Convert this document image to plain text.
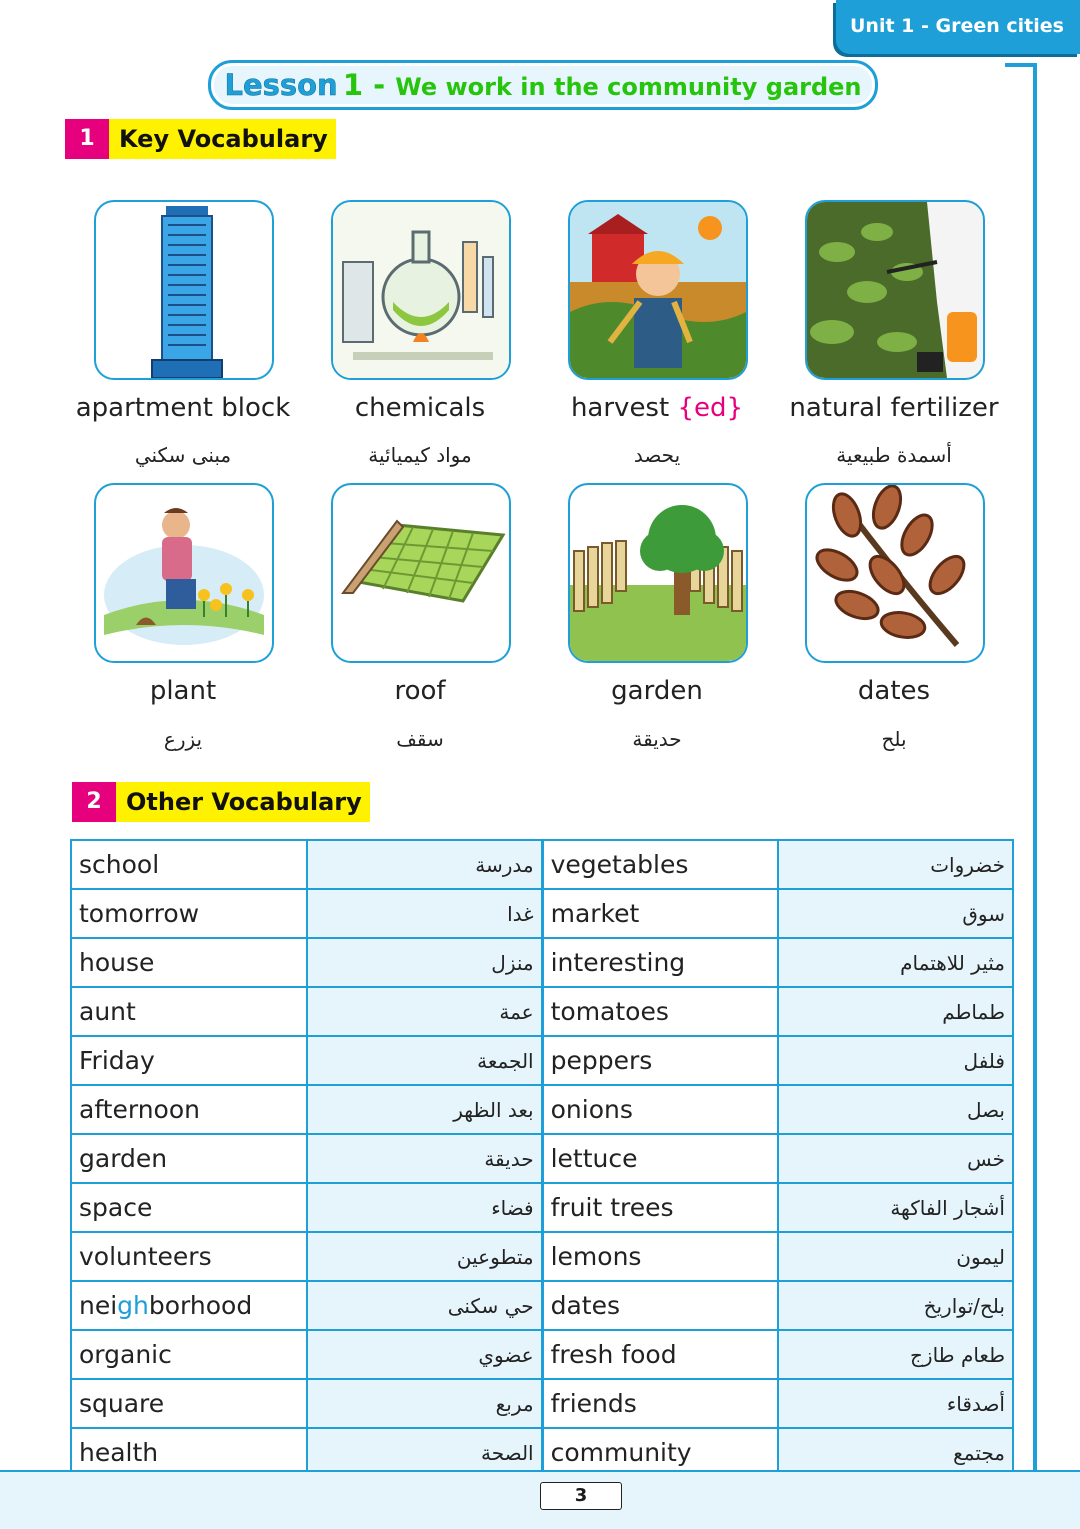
Unit 1 - Green cities
Lesson 1 - We work in the community garden
1	Key Vocabulary
apartment block	chemicals	harvest {ed}	natural fertilizer
مبنى سكني	مواد كيميائية	يحصد	أسمدة طبيعية
plant	roof	garden	dates
يزرع	سقف	حديقة	بلح
2	Other Vocabulary
school	مدرسة	vegetables	خضروات
tomorrow	غدا	market	سوق
house	منزل	interesting	مثير للاهتمام
aunt	عمة	tomatoes	طماطم
Friday	الجمعة	peppers	فلفل
afternoon	بعد الظهر	onions	بصل
garden	حديقة	lettuce	خس
space	فضاء	fruit trees	أشجار الفاكهة
volunteers	متطوعين	lemons	ليمون
neighborhood	حي سكنى	dates	بلح/تواريخ
organic	عضوي	fresh food	طعام طازج
square	مربع	friends	أصدقاء
health	الصحة	community	مجتمع
3
